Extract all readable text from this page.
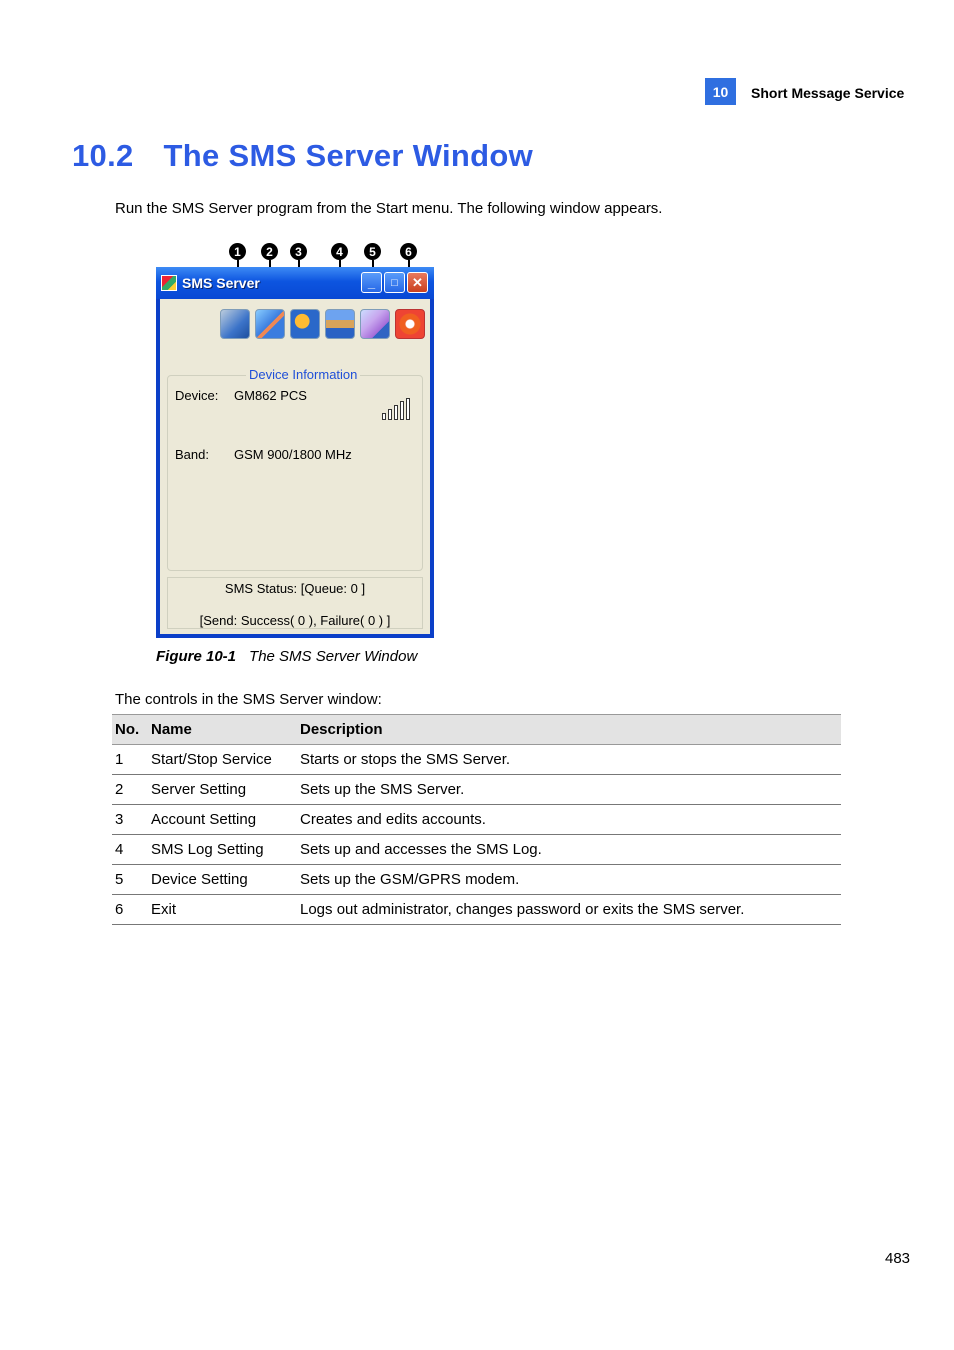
10	Short Message Service
10.2 The SMS Server Window
Run the SMS Server program from the Start menu. The following window appears.
1	2	3	4	5	6
SMS Server	_	□	✕
Device Information
Device: GM862 PCS
Band: GSM 900/1800 MHz
SMS Status: [Queue: 0 ]
[Send: Success( 0 ), Failure( 0 ) ]
Figure 10-1 The SMS Server Window
The controls in the SMS Server window:
No.	Name	Description
1	Start/Stop Service	Starts or stops the SMS Server.
2	Server Setting	Sets up the SMS Server.
3	Account Setting	Creates and edits accounts.
4	SMS Log Setting	Sets up and accesses the SMS Log.
5	Device Setting	Sets up the GSM/GPRS modem.
6	Exit	Logs out administrator, changes password or exits the SMS server.
483
